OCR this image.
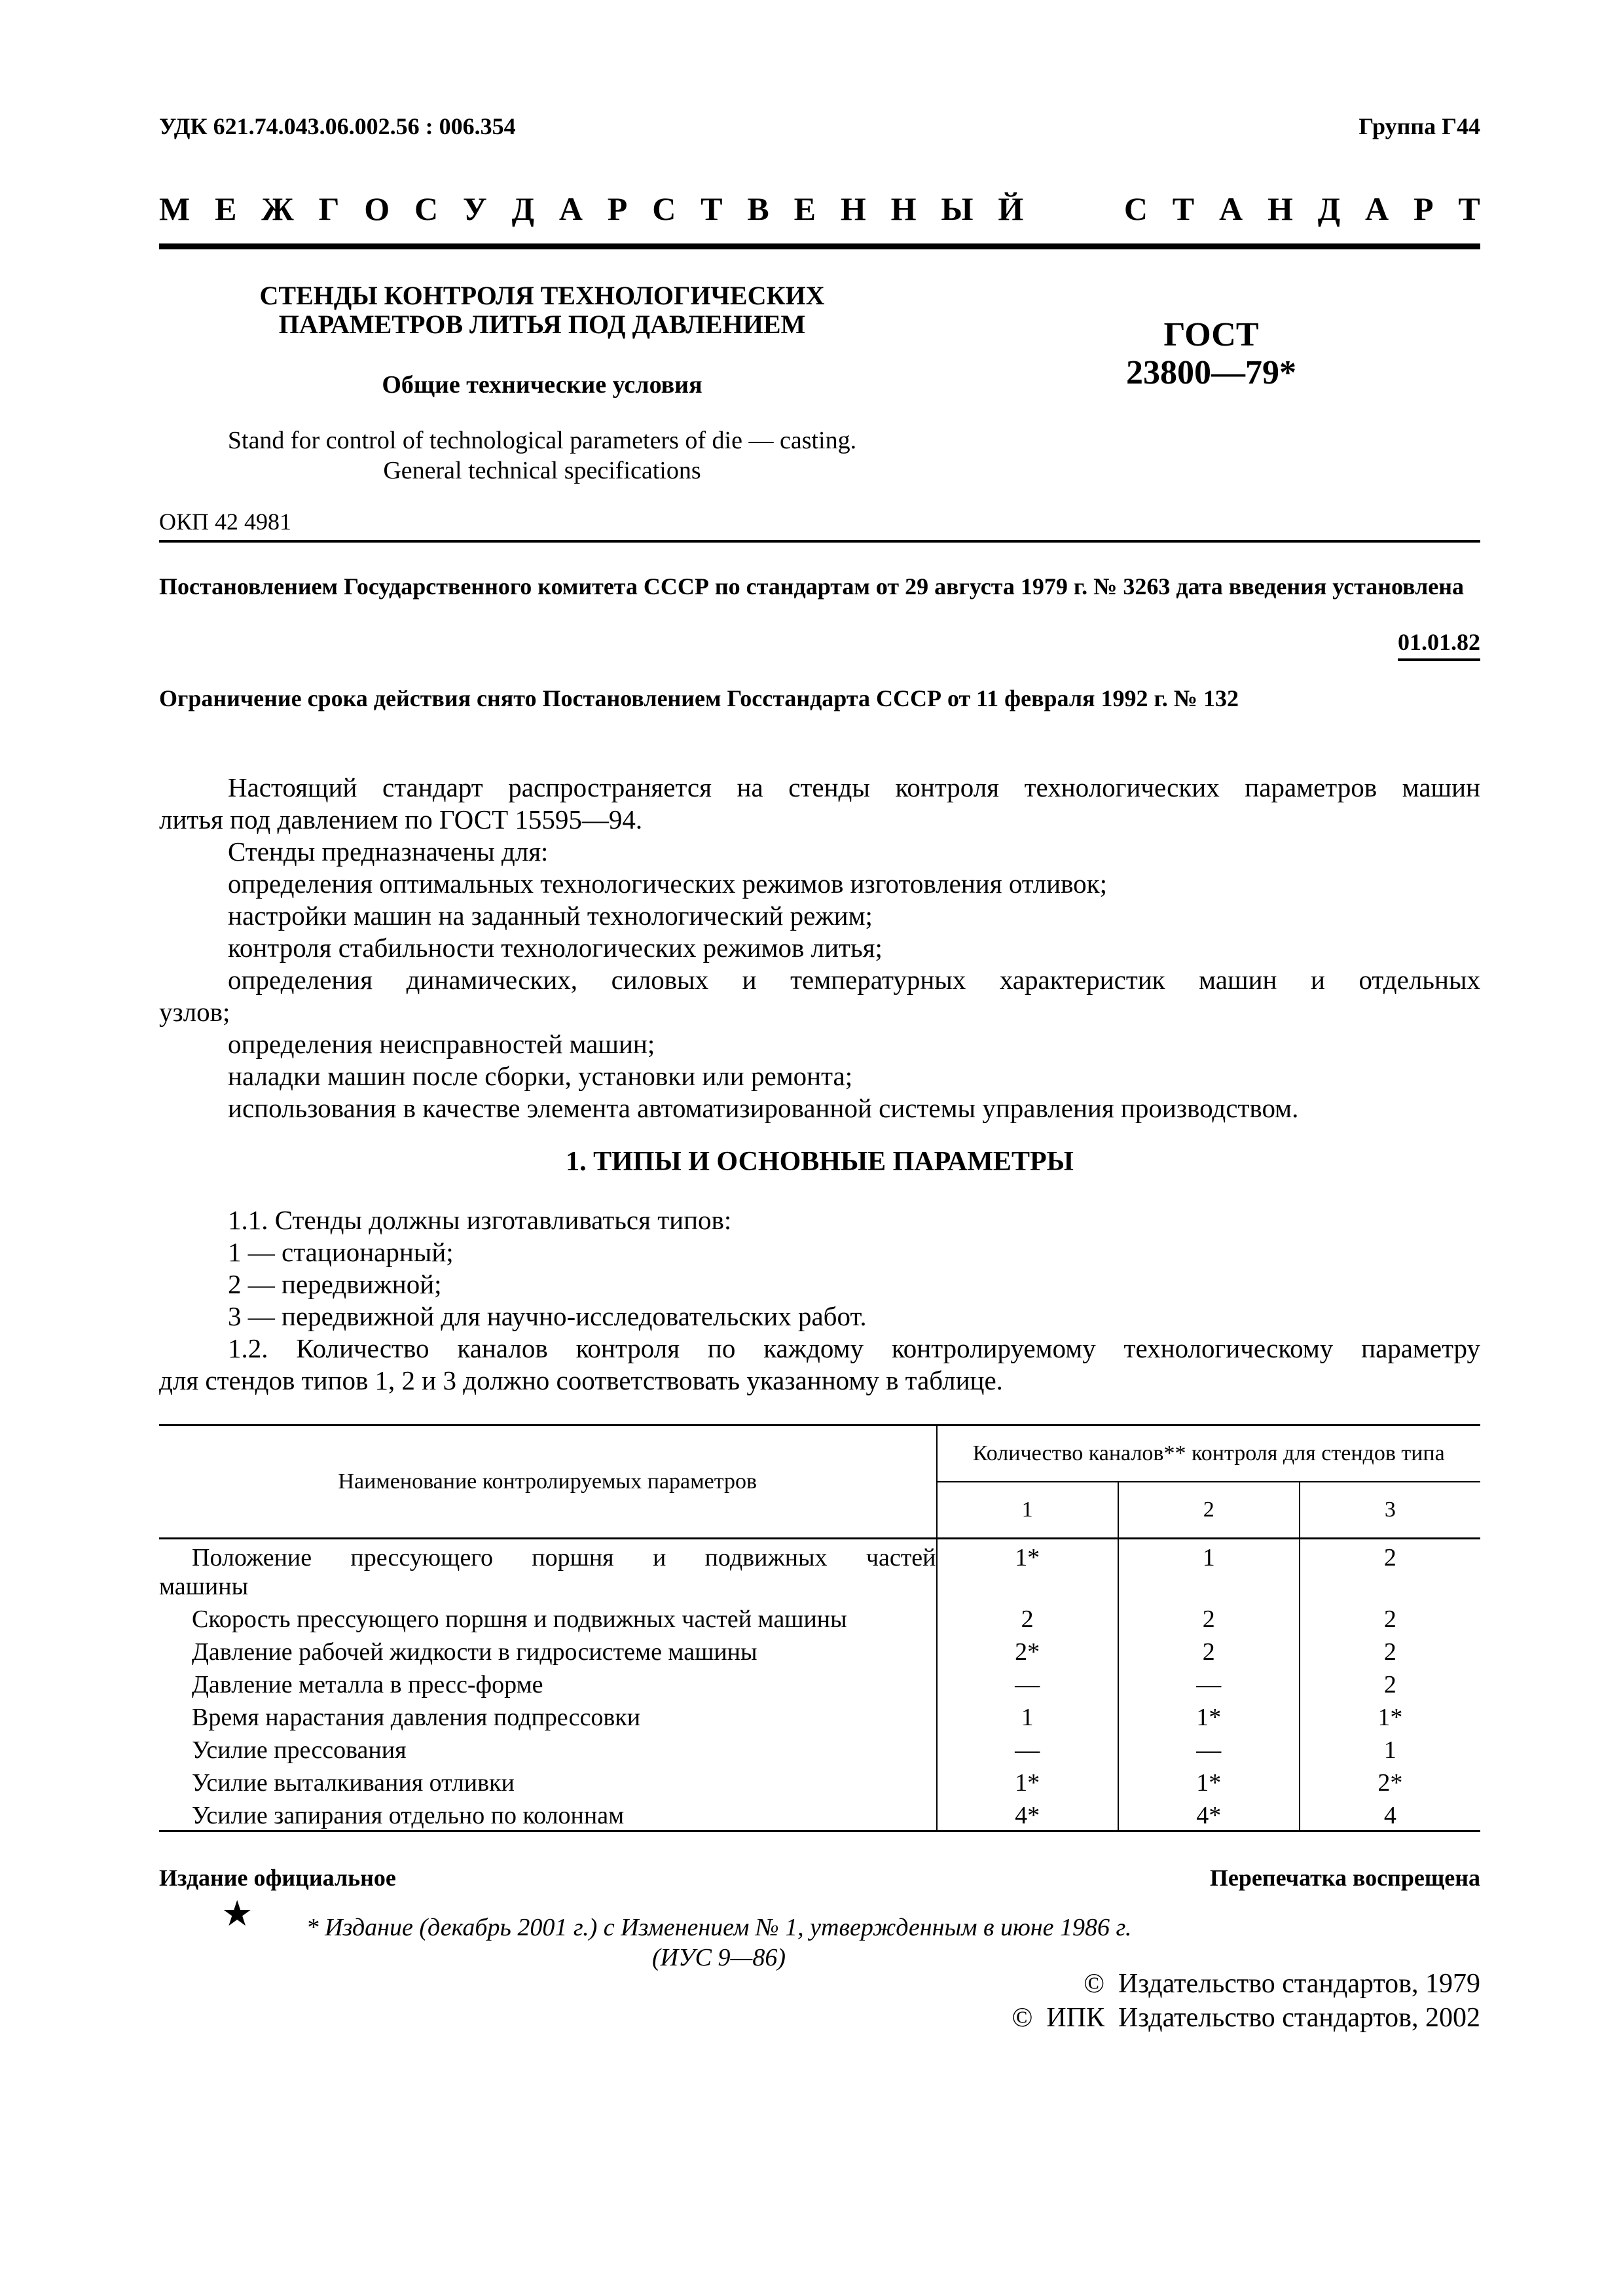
УДК 621.74.043.06.002.56 : 006.354	Группа Г44
М Е Ж Г О С У Д А Р С Т В Е Н Н Ы Й	С Т А Н Д А Р Т
СТЕНДЫ КОНТРОЛЯ ТЕХНОЛОГИЧЕСКИХ
ПАРАМЕТРОВ ЛИТЬЯ ПОД ДАВЛЕНИЕМ
Общие технические условия
ГОСТ
23800—79*
Stand for control of technological parameters of die — casting.
General technical specifications
ОКП 42 4981
Постановлением Государственного комитета СССР по стандартам от 29 августа 1979 г. № 3263 дата введения установлена
01.01.82
Ограничение срока действия снято Постановлением Госстандарта СССР от 11 февраля 1992 г. № 132

Настоящий стандарт распространяется на стенды контроля технологических параметров машин

литья под давлением по ГОСТ 15595—94.

Стенды предназначены для:

определения оптимальных технологических режимов изготовления отливок;

настройки машин на заданный технологический режим;

контроля стабильности технологических режимов литья;

определения динамических, силовых и температурных характеристик машин и отдельных

узлов;

определения неисправностей машин;

наладки машин после сборки, установки или ремонта;

использования в качестве элемента автоматизированной системы управления производством.

1. ТИПЫ И ОСНОВНЫЕ ПАРАМЕТРЫ

1.1. Стенды должны изготавливаться типов:

1 — стационарный;

2 — передвижной;

3 — передвижной для научно-исследовательских работ.

1.2. Количество каналов контроля по каждому контролируемому технологическому параметру

для стендов типов 1, 2 и 3 должно соответствовать указанному в таблице.

Наименование контролируемых параметров	Количество каналов** контроля для стендов типа		
	1	2	3

Положение прессующего поршня и подвижных частей
машины	1*	1	2

Скорость прессующего поршня и подвижных частей машины	2	2	2

Давление рабочей жидкости в гидросистеме машины	2*	2	2

Давление металла в пресс-форме	—	—	2

Время нарастания давления подпрессовки	1	1*	1*

Усилие прессования	—	—	1

Усилие выталкивания отливки	1*	1*	2*

Усилие запирания отдельно по колоннам	4*	4*	4
Издание официальное	Перепечатка воспрещена
★	* Издание (декабрь 2001 г.) с Изменением № 1, утвержденным в июне 1986 г.
(ИУС 9—86)
©  Издательство стандартов, 1979
©  ИПК  Издательство стандартов, 2002
